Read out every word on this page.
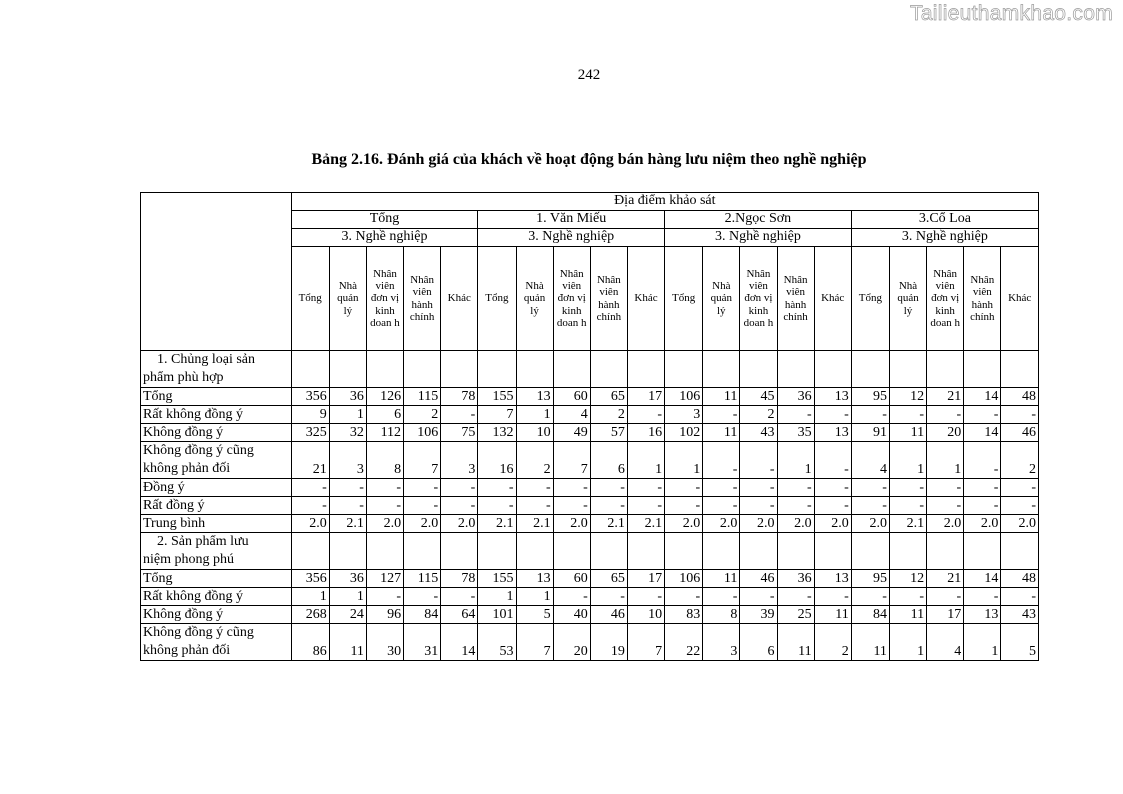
Tailieuthamkhao.com
242
Bảng 2.16. Đánh giá của khách về hoạt động bán hàng lưu niệm theo nghề nghiệp
	Địa điểm khảo sát																			
	Tổng					1. Văn Miếu					2.Ngọc Sơn					3.Cổ Loa				
	3. Nghề nghiệp					3. Nghề nghiệp					3. Nghề nghiệp					3. Nghề nghiệp				
	Tổng	Nhà quản lý	Nhân viên đơn vị kinh doan h	Nhân viên hành chính	Khác	Tổng	Nhà quản lý	Nhân viên đơn vị kinh doan h	Nhân viên hành chính	Khác	Tổng	Nhà quản lý	Nhân viên đơn vị kinh doan h	Nhân viên hành chính	Khác	Tổng	Nhà quản lý	Nhân viên đơn vị kinh doan h	Nhân viên hành chính	Khác

1. Chủng loại sản
phẩm phù hợp																				

Tổng	356	36	126	115	78	155	13	60	65	17	106	11	45	36	13	95	12	21	14	48
Rất không đồng ý	9	1	6	2	-	7	1	4	2	-	3	-	2	-	-	-	-	-	-	-
Không đồng ý	325	32	112	106	75	132	10	49	57	16	102	11	43	35	13	91	11	20	14	46

Không đồng ý cũng
không phản đối	21	3	8	7	3	16	2	7	6	1	1	-	-	1	-	4	1	1	-	2
Đồng ý	-	-	-	-	-	-	-	-	-	-	-	-	-	-	-	-	-	-	-	-
Rất đồng ý	-	-	-	-	-	-	-	-	-	-	-	-	-	-	-	-	-	-	-	-
Trung bình	2.0	2.1	2.0	2.0	2.0	2.1	2.1	2.0	2.1	2.1	2.0	2.0	2.0	2.0	2.0	2.0	2.1	2.0	2.0	2.0

2. Sản phẩm lưu
niệm phong phú																				

Tổng	356	36	127	115	78	155	13	60	65	17	106	11	46	36	13	95	12	21	14	48
Rất không đồng ý	1	1	-	-	-	1	1	-	-	-	-	-	-	-	-	-	-	-	-	-
Không đồng ý	268	24	96	84	64	101	5	40	46	10	83	8	39	25	11	84	11	17	13	43

Không đồng ý cũng
không phản đối	86	11	30	31	14	53	7	20	19	7	22	3	6	11	2	11	1	4	1	5
